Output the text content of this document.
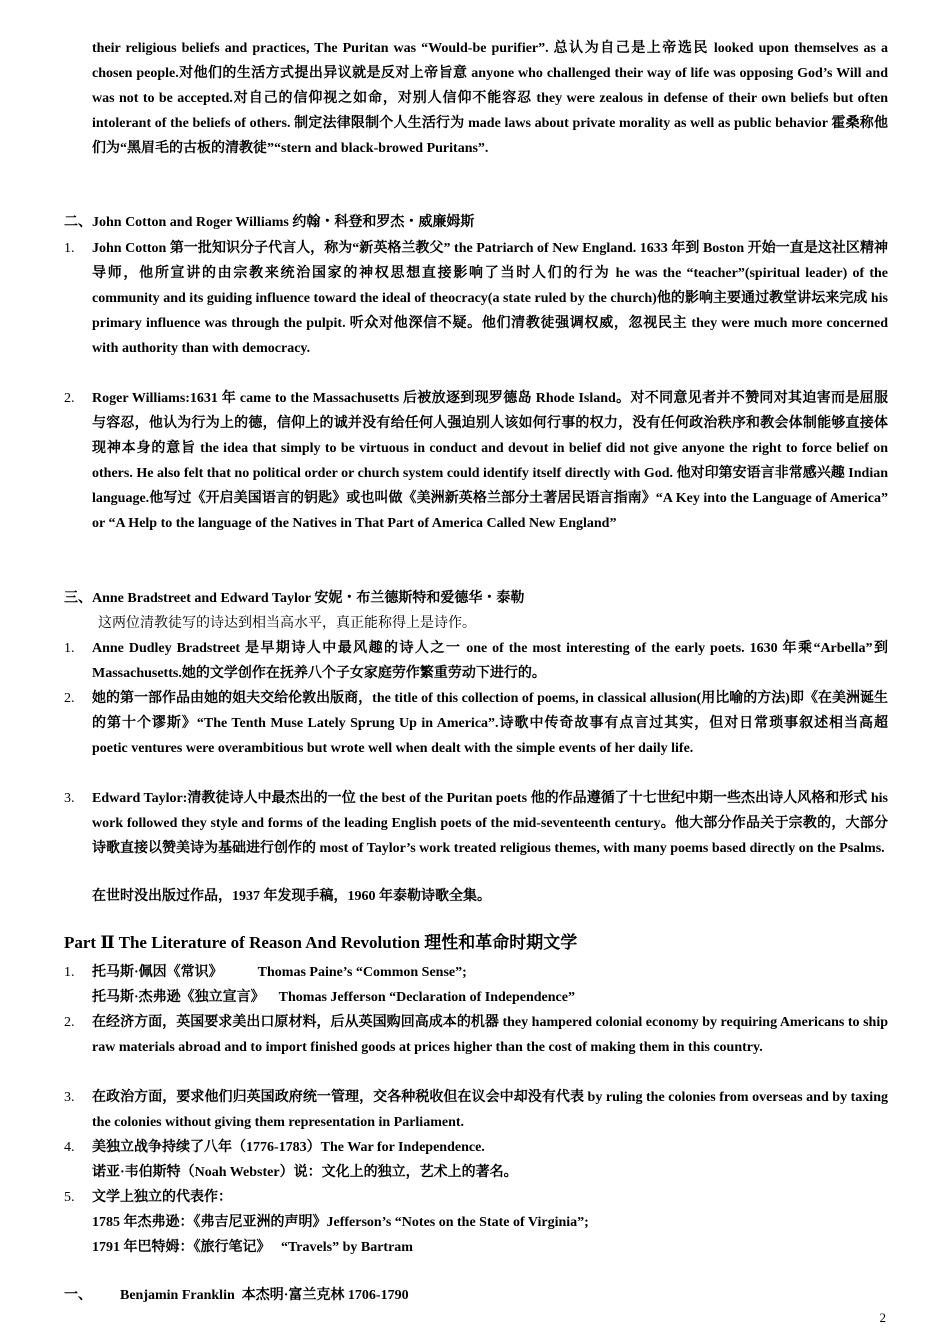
their religious beliefs and practices, The Puritan was “Would-be purifier”. 总认为自己是上帝选民 looked upon themselves as a chosen people.对他们的生活方式提出异议就是反对上帝旨意 anyone who challenged their way of life was opposing God’s Will and was not to be accepted.对自己的信仰视之如命，对别人信仰不能容忍 they were zealous in defense of their own beliefs but often intolerant of the beliefs of others. 制定法律限制个人生活行为 made laws about private morality as well as public behavior 霍桑称他们为“黑眉毛的古板的清教徒”“stern and black-browed Puritans”.
二、John Cotton and Roger Williams 约翰・科登和罗杰・威廉姆斯
1.	John Cotton 第一批知识分子代言人，称为“新英格兰教父” the Patriarch of New England. 1633 年到 Boston 开始一直是这社区精神导师，他所宣讲的由宗教来统治国家的神权思想直接影响了当时人们的行为 he was the “teacher”(spiritual leader) of the community and its guiding influence toward the ideal of theocracy(a state ruled by the church)他的影响主要通过教堂讲坛来完成 his primary influence was through the pulpit. 听众对他深信不疑。他们清教徒强调权威，忽视民主 they were much more concerned with authority than with democracy.
2.	Roger Williams:1631 年 came to the Massachusetts 后被放逐到现罗德岛 Rhode Island。对不同意见者并不赞同对其迫害而是屈服与容忍，他认为行为上的德，信仰上的诚并没有给任何人强迫别人该如何行事的权力，没有任何政治秩序和教会体制能够直接体现神本身的意旨 the idea that simply to be virtuous in conduct and devout in belief did not give anyone the right to force belief on others. He also felt that no political order or church system could identify itself directly with God. 他对印第安语言非常感兴趣 Indian language.他写过《开启美国语言的钥匙》或也叫做《美洲新英格兰部分土著居民语言指南》“A Key into the Language of America” or “A Help to the language of the Natives in That Part of America Called New England”
三、Anne Bradstreet and Edward Taylor 安妮・布兰德斯特和爱德华・泰勒
这两位清教徒写的诗达到相当高水平，真正能称得上是诗作。
1.	Anne Dudley Bradstreet 是早期诗人中最风趣的诗人之一 one of the most interesting of the early poets. 1630 年乘“Arbella”到 Massachusetts.她的文学创作在抚养八个子女家庭劳作繁重劳动下进行的。
2.	她的第一部作品由她的姐夫交给伦敦出版商，the title of this collection of poems, in classical allusion(用比喻的方法)即《在美洲诞生的第十个谬斯》“The Tenth Muse Lately Sprung Up in America”.诗歌中传奇故事有点言过其实，但对日常琐事叙述相当高超 poetic ventures were overambitious but wrote well when dealt with the simple events of her daily life.
3.	Edward Taylor:清教徒诗人中最杰出的一位 the best of the Puritan poets 他的作品遵循了十七世纪中期一些杰出诗人风格和形式 his work followed they style and forms of the leading English poets of the mid-seventeenth century。他大部分作品关于宗教的，大部分诗歌直接以赞美诗为基础进行创作的 most of Taylor’s work treated religious themes, with many poems based directly on the Psalms.
在世时没出版过作品，1937 年发现手稿，1960 年泰勒诗歌全集。
Part Ⅱ The Literature of Reason And Revolution 理性和革命时期文学
1.	托马斯·佩因《常识》          Thomas Paine’s “Common Sense”;
托马斯·杰弗逊《独立宣言》    Thomas Jefferson “Declaration of Independence”
2.	在经济方面，英国要求美出口原材料，后从英国购回高成本的机器 they hampered colonial economy by requiring Americans to ship raw materials abroad and to import finished goods at prices higher than the cost of making them in this country.
3.	在政治方面，要求他们归英国政府统一管理，交各种税收但在议会中却没有代表 by ruling the colonies from overseas and by taxing the colonies without giving them representation in Parliament.
4.	美独立战争持续了八年（1776-1783）The War for Independence.
诺亚·韦伯斯特（Noah Webster）说：文化上的独立，艺术上的著名。
5.	文学上独立的代表作：
1785 年杰弗逊：《弗吉尼亚洲的声明》Jefferson’s “Notes on the State of Virginia”;
1791 年巴特姆：《旅行笔记》   “Travels” by Bartram
一、        Benjamin Franklin  本杰明·富兰克林 1706-1790
2
